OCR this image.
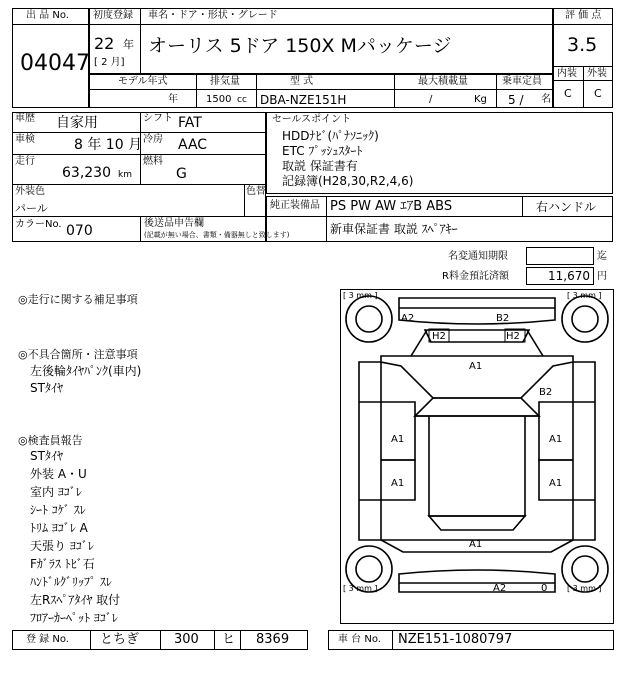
出 品 No.
04047
初度登録 車名・ドア・形状・グレード
22 年
[ 2 月]
オーリス 5ドア 150X Mパッケージ
評 価 点
3.5
内装 外装
C C
モデル年式	排気量	型 式	最大積載量	乗車定員
年	1500 cc DBA-NZE151H	/	Kg 5 / 名
車歴 自家用	シフト FAT
車検	8 年 10 月 冷房 AAC
走行
63,230 km
燃料
G
外装色
パール
色替
カラーNo. 070	後送品申告欄
(記載が無い場合、書類・備器無しと致します)
セールスポイント
HDDﾅﾋﾞ(ﾊﾟﾅｿﾆｯｸ)
ETC ﾌﾟｯｼｭｽﾀｰﾄ
取説 保証書有
記録簿(H28,30,R2,4,6)
純正装備品 PS PW AW ｴｱB ABS	右ハンドル
新車保証書 取説 ｽﾍﾟｱｷｰ
名変通知期限	迄
R料金預託済額	11,670 円
◎走行に関する補足事項
◎不具合箇所・注意事項
左後輪ﾀｲﾔﾊﾟﾝｸ(車内)
STﾀｲﾔ
◎検査員報告
STﾀｲﾔ
外装 A・U
室内 ﾖｺﾞﾚ
ｼｰﾄ ｺｹﾞ ｽﾚ
ﾄﾘﾑ ﾖｺﾞﾚ A
天張り ﾖｺﾞﾚ
Fｶﾞﾗｽ ﾄﾋﾞ石
ﾊﾝﾄﾞﾙｸﾞﾘｯﾌﾟ ｽﾚ
左Rｽﾍﾟｱﾀｲﾔ 取付
ﾌﾛｱｰｶｰﾍﾟｯﾄ ﾖｺﾞﾚ
[ 3 mm ]	[ 3 mm ]
[ 3 mm ]	[ 3 mm ]
A2	B2
H2	H2
A1
B2
A1	A1
A1	A1
A1
A2	0
登 録 No. とちぎ	300 ヒ 8369	車 台 No. NZE151-1080797
